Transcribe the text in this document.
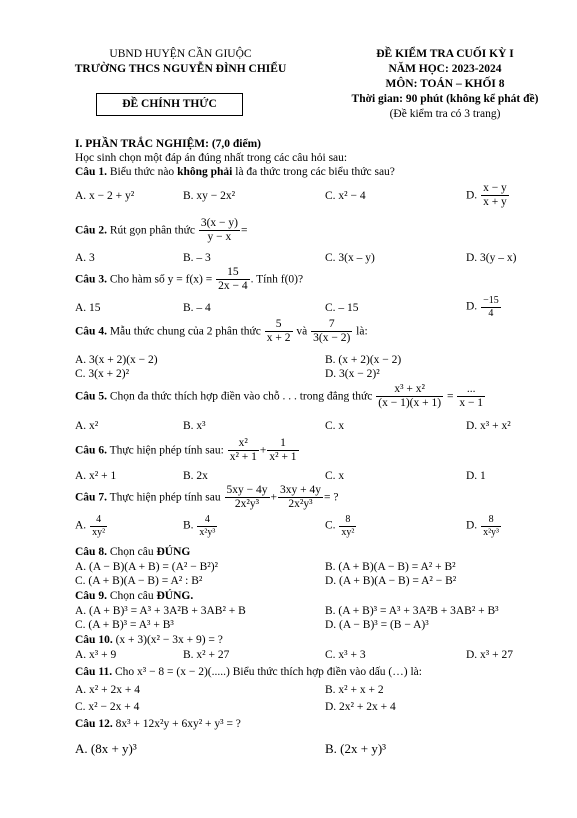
UBND HUYỆN CẦN GIUỘC
TRƯỜNG THCS NGUYỄN ĐÌNH CHIỂU
ĐỀ CHÍNH THỨC
ĐỀ KIỂM TRA CUỐI KỲ I
NĂM HỌC: 2023-2024
MÔN: TOÁN – KHỐI 8
Thời gian: 90 phút (không kể phát đề)
(Đề kiểm tra có 3 trang)
I. PHẦN TRẮC NGHIỆM: (7,0 điểm)
Học sinh chọn một đáp án đúng nhất trong các câu hỏi sau:
Câu 1. Biểu thức nào không phải là đa thức trong các biểu thức sau?
A. x − 2 + y²	B. xy − 2x²	C. x² − 4	D. $\frac{x - y}{x + y}$
Câu 2. Rút gọn phân thức $\frac{3(x - y)}{y - x}$ =
A. 3	B. – 3	C. 3(x – y)	D. 3(y – x)
Câu 3. Cho hàm số $y = f(x) = \frac{15}{2x - 4}$ . Tính f(0)?
A. 15	B. – 4	C. – 15	D. $\frac{-15}{4}$
Câu 4. Mẫu thức chung của 2 phân thức $\frac{5}{x + 2}$ và $\frac{7}{3(x - 2)}$ là:
A. 3(x + 2)(x − 2)	B. (x + 2)(x − 2)
C. 3(x + 2)²	D. 3(x − 2)²
Câu 5. Chọn đa thức thích hợp điền vào chỗ . . . trong đẳng thức $\frac{\text{x³ + x²}}{(x - 1)(x + 1)} = \frac{...}{x - 1}$
A. x²	B. x³	C. x	D. x³ + x²
Câu 6. Thực hiện phép tính sau: $\frac{\text{x²}}{\text{x² + 1}} + \frac{1}{\text{x² + 1}}$
A. x² + 1	B. 2x	C. x	D. 1
Câu 7. Thực hiện phép tính sau $\frac{5xy - 4y}{\text{2x²y³}} + \frac{3xy + 4y}{\text{2x²y³}}$ = ?
A. $\frac{4}{\text{xy²}}$	B. $\frac{4}{\text{x²y³}}$	C. $\frac{8}{\text{xy²}}$	D. $\frac{8}{\text{x²y³}}$
Câu 8. Chọn câu ĐÚNG
A. (A − B)(A + B) = (A² − B²)²	B. (A + B)(A − B) = A² + B²
C. (A + B)(A − B) = A² : B²	D. (A + B)(A − B) = A² − B²
Câu 9. Chọn câu ĐÚNG.
A. (A + B)³ = A³ + 3A²B + 3AB² + B	B. (A + B)³ = A³ + 3A²B + 3AB² + B³
C. (A + B)³ = A³ + B³	D. (A − B)³ = (B − A)³
Câu 10. (x + 3)(x² − 3x + 9) = ?
A. x³ + 9	B. x² + 27	C. x³ + 3	D. x³ + 27
Câu 11. Cho x³ − 8 = (x − 2)(.....) Biểu thức thích hợp điền vào dấu (…) là:
A. x² + 2x + 4	B. x² + x + 2
C. x² − 2x + 4	D. 2x² + 2x + 4
Câu 12. 8x³ + 12x²y + 6xy² + y³ = ?
A. (8x + y)³	B. (2x + y)³
